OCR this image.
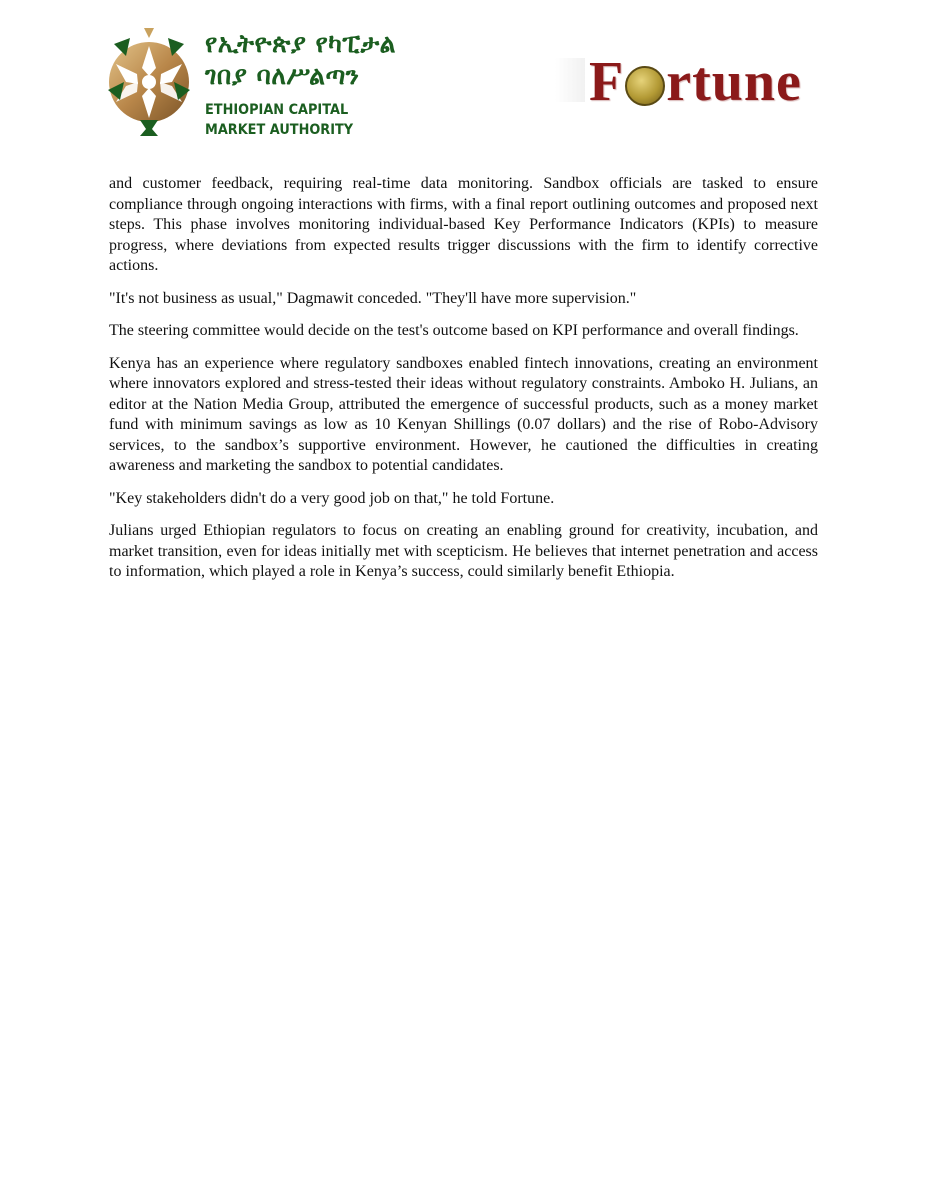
የኢትዮጵያ የካፒታል
ገበያ ባለሥልጣን
ETHIOPIAN CAPITAL
MARKET AUTHORITY
F rtune

and customer feedback, requiring real-time data monitoring. Sandbox officials are tasked to ensure compliance through ongoing interactions with firms, with a final report outlining outcomes and proposed next steps. This phase involves monitoring individual-based Key Performance Indicators (KPIs) to measure progress, where deviations from expected results trigger discussions with the firm to identify corrective actions.

"It's not business as usual," Dagmawit conceded. "They'll have more supervision."

The steering committee would decide on the test's outcome based on KPI performance and overall findings.

Kenya has an experience where regulatory sandboxes enabled fintech innovations, creating an environment where innovators explored and stress-tested their ideas without regulatory constraints. Amboko H. Julians, an editor at the Nation Media Group, attributed the emergence of successful products, such as a money market fund with minimum savings as low as 10 Kenyan Shillings (0.07 dollars) and the rise of Robo-Advisory services, to the sandbox’s supportive environment. However, he cautioned the difficulties in creating awareness and marketing the sandbox to potential candidates.

"Key stakeholders didn't do a very good job on that," he told Fortune.

Julians urged Ethiopian regulators to focus on creating an enabling ground for creativity, incubation, and market transition, even for ideas initially met with scepticism. He believes that internet penetration and access to information, which played a role in Kenya’s success, could similarly benefit Ethiopia.
